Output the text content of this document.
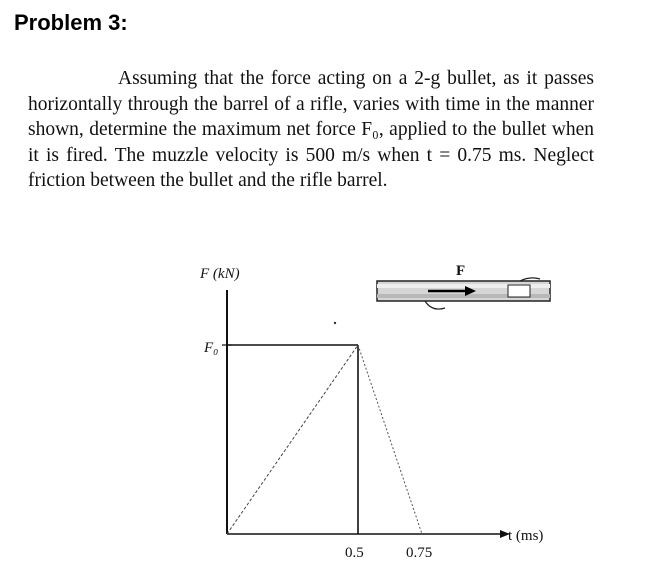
Problem 3:
Assuming that the force acting on a 2-g bullet, as it passes horizontally through the barrel of a rifle, varies with time in the manner shown, determine the maximum net force F₀, applied to the bullet when it is fired. The muzzle velocity is 500 m/s when t = 0.75 ms. Neglect friction between the bullet and the rifle barrel.
F (kN)
F₀
t (ms)
0.5	0.75
F
